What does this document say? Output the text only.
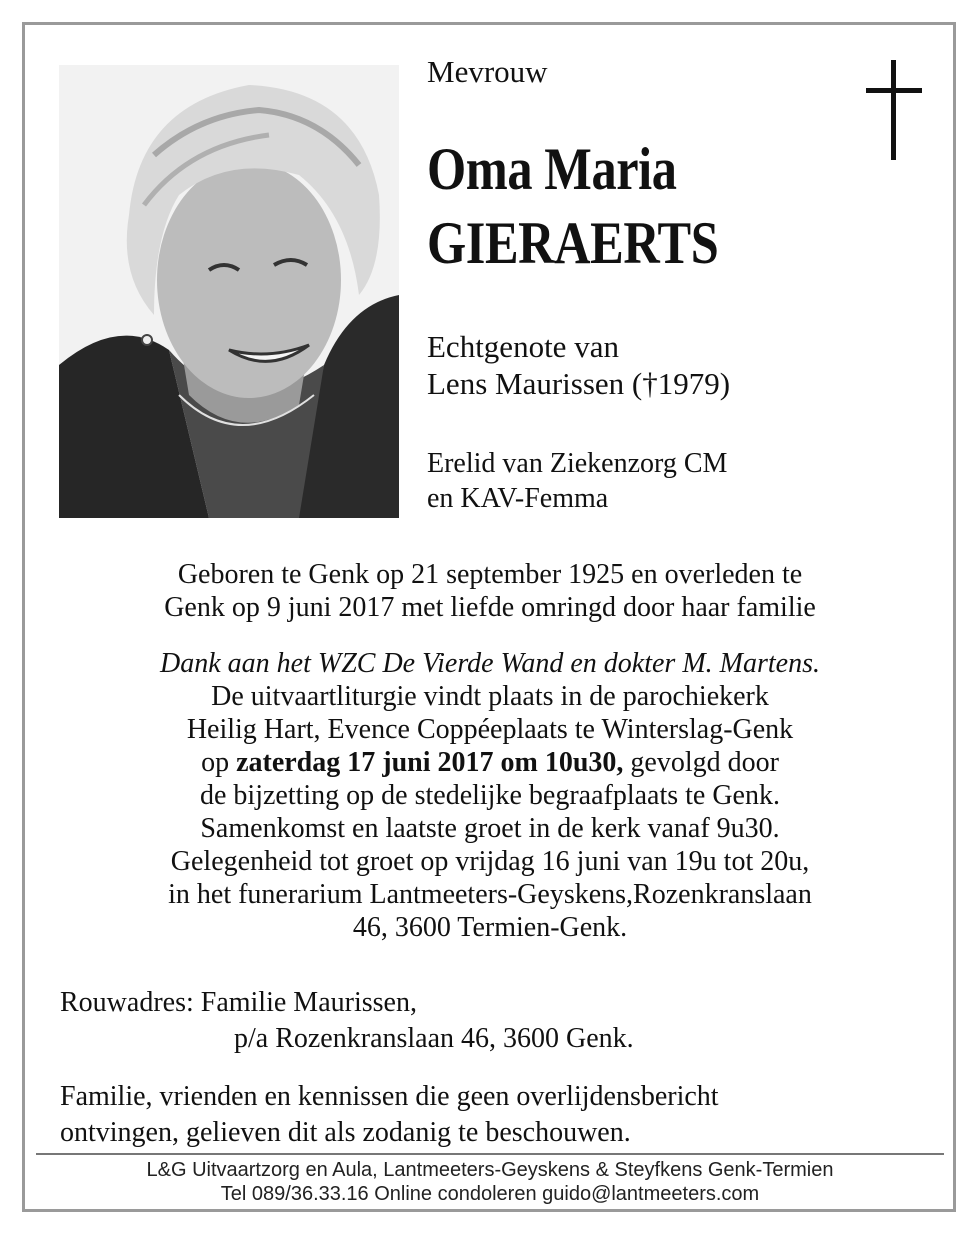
Mevrouw
Oma Maria
GIERAERTS
Echtgenote van
Lens Maurissen (†1979)
Erelid van Ziekenzorg CM
en KAV-Femma
Geboren te Genk op 21 september 1925 en overleden te
Genk op 9 juni 2017 met liefde omringd door haar familie
Dank aan het WZC De Vierde Wand en dokter M. Martens.
De uitvaartliturgie vindt plaats in de parochiekerk
Heilig Hart, Evence Coppéeplaats te Winterslag-Genk
op zaterdag 17 juni 2017 om 10u30, gevolgd door
de bijzetting op de stedelijke begraafplaats te Genk.
Samenkomst en laatste groet in de kerk vanaf 9u30.
Gelegenheid tot groet op vrijdag 16 juni van 19u tot 20u,
in het funerarium Lantmeeters-Geyskens,Rozenkranslaan
46, 3600 Termien-Genk.
Rouwadres: Familie Maurissen,
p/a Rozenkranslaan 46, 3600 Genk.
Familie, vrienden en kennissen die geen overlijdensbericht
ontvingen, gelieven dit als zodanig te beschouwen.
L&G Uitvaartzorg en Aula, Lantmeeters-Geyskens & Steyfkens Genk-Termien
Tel 089/36.33.16 Online condoleren guido@lantmeeters.com
